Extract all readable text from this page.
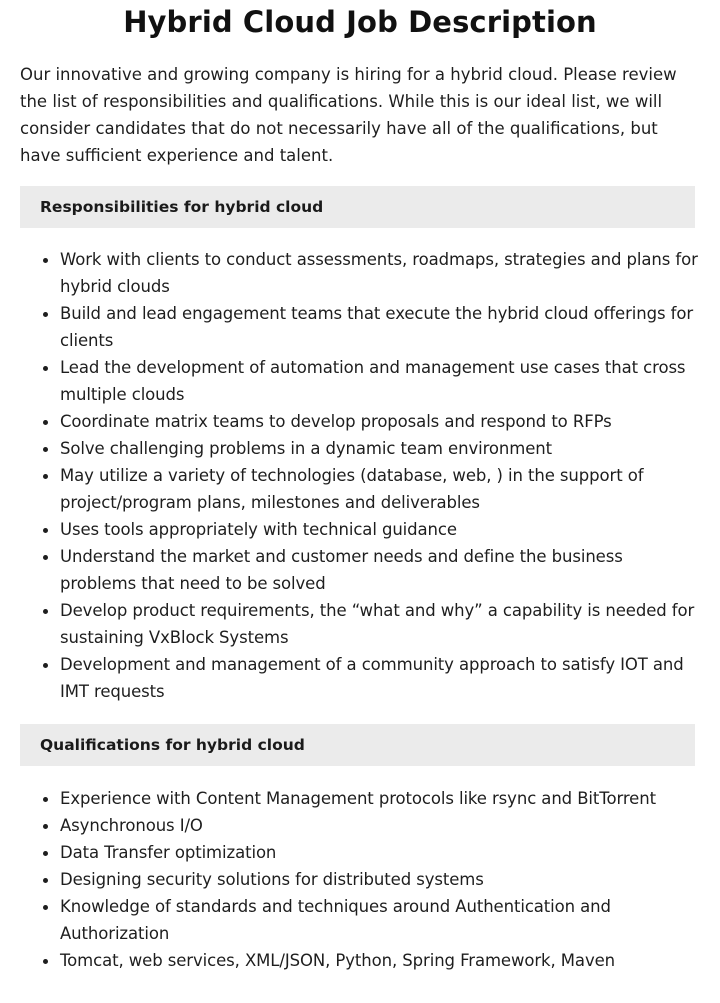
Hybrid Cloud Job Description

Our innovative and growing company is hiring for a hybrid cloud. Please review the list of responsibilities and qualifications. While this is our ideal list, we will consider candidates that do not necessarily have all of the qualifications, but have sufficient experience and talent.

Responsibilities for hybrid cloud
Work with clients to conduct assessments, roadmaps, strategies and plans for hybrid clouds
Build and lead engagement teams that execute the hybrid cloud offerings for clients
Lead the development of automation and management use cases that cross multiple clouds
Coordinate matrix teams to develop proposals and respond to RFPs
Solve challenging problems in a dynamic team environment
May utilize a variety of technologies (database, web, ) in the support of project/program plans, milestones and deliverables
Uses tools appropriately with technical guidance
Understand the market and customer needs and define the business problems that need to be solved
Develop product requirements, the “what and why” a capability is needed for sustaining VxBlock Systems
Development and management of a community approach to satisfy IOT and IMT requests
Qualifications for hybrid cloud
Experience with Content Management protocols like rsync and BitTorrent
Asynchronous I/O
Data Transfer optimization
Designing security solutions for distributed systems
Knowledge of standards and techniques around Authentication and Authorization
Tomcat, web services, XML/JSON, Python, Spring Framework, Maven
